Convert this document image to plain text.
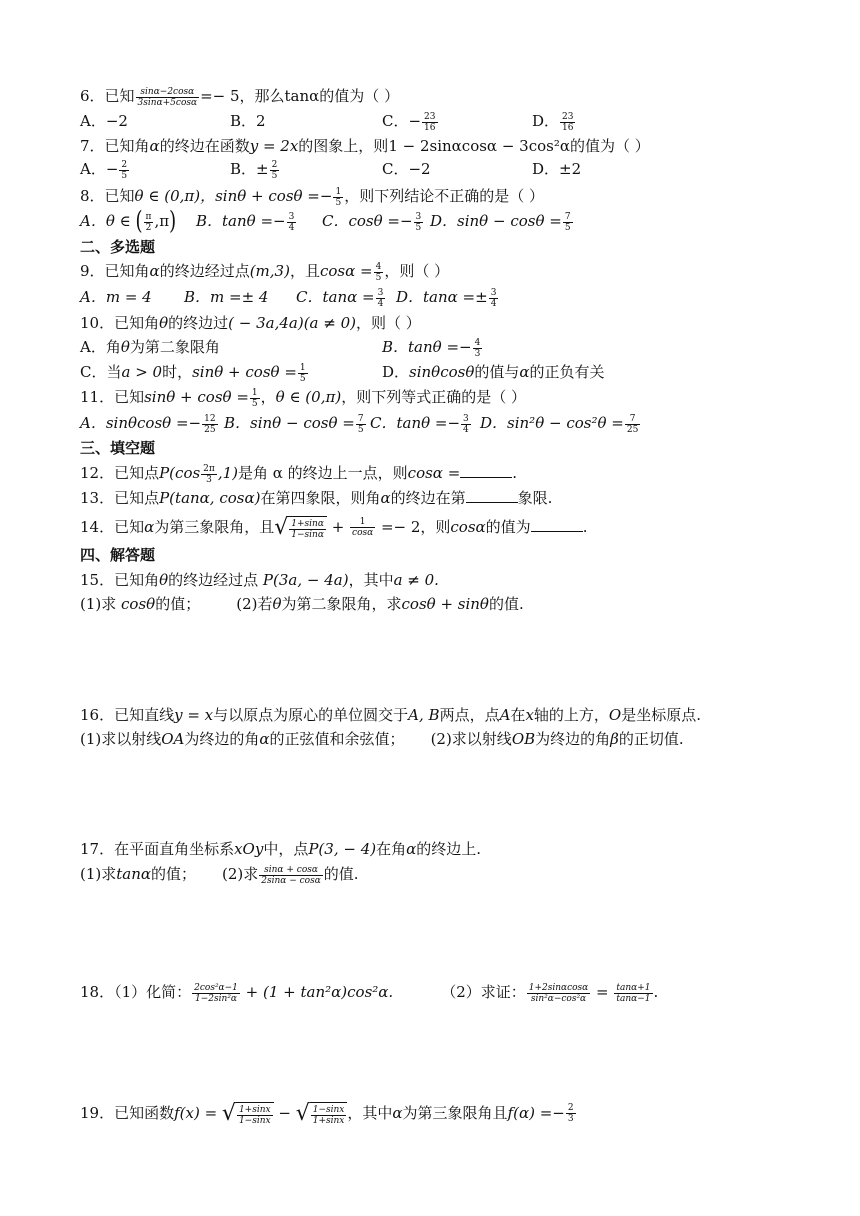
6．已知 $\frac{\sin\alpha-2\cos\alpha}{3\sin\alpha+5\cos\alpha} =- 5$，那么tanα的值为（ ）
A．−2	B．2	C．− $\frac{23}{16}$	D． $\frac{23}{16}$
7．已知角α的终边在函数y = 2x的图象上，则1 − 2sinαcosα − 3cos²α的值为（ ）
A．− $\frac{2}{5}$	B．± $\frac{2}{5}$	C．−2	D．±2
8．已知θ ∈ (0,π)，$\sin\theta + \cos\theta =- \frac{1}{5}$ ，则下列结论不正确的是（ ）
A．θ ∈ ( $\frac{\pi}{2} ,\pi$) B．$\tan\theta =- \frac{3}{4}$ C．$\cos\theta =- \frac{3}{5}$ D．$\sin\theta - \cos\theta = \frac{7}{5}$
二、多选题
9．已知角α的终边经过点(m,3)，且$\cos\alpha = \frac{4}{5}$ ，则（ ）
A．m = 4 B．m =± 4 C．$\tan\alpha = \frac{3}{4}$ D．$\tan\alpha =\pm \frac{3}{4}$
10．已知角θ的终边过( − 3a,4a)(a ≠ 0)，则（ ）
A．角θ为第二象限角	B．$\tan\theta =- \frac{4}{3}$
C．当a > 0时，$\sin\theta + \cos\theta = \frac{1}{5}$	D．sinθcosθ的值与α的正负有关
11．已知$\sin\theta + \cos\theta = \frac{1}{5}$ ，θ ∈ (0,π)，则下列等式正确的是（ ）
A．$\sin\theta\cos\theta =- \frac{12}{25}$ B．$\sin\theta - \cos\theta = \frac{7}{5}$ C．$\tan\theta =- \frac{3}{4}$ D．$\sin^2\theta - \cos^2\theta = \frac{7}{25}$
三、填空题
12．已知点$P(\cos \frac{2\pi}{3} ,1)$是角 α 的终边上一点，则cosα =	.
13．已知点P(tanα, cosα)在第四象限，则角α的终边在第	象限.
14．已知α为第三象限角，且 √ $\frac{1+\sin\alpha}{1-\sin\alpha} + \frac{1}{\cos\alpha} =- 2$，则cosα的值为	.
四、解答题
15．已知角θ的终边经过点 P(3a, − 4a)，其中a ≠ 0.
(1)求 cosθ的值； (2)若θ为第二象限角，求cosθ + sinθ的值.
16．已知直线y = x与以原点为原心的单位圆交于A, B两点，点A在x轴的上方，O是坐标原点.
(1)求以射线OA为终边的角α的正弦值和余弦值； (2)求以射线OB为终边的角β的正切值.
17．在平面直角坐标系xOy中，点P(3, − 4)在角α的终边上.
(1)求tanα的值； (2)求 $\frac{\sin\alpha + \cos\alpha}{2\sin\alpha - \cos\alpha}$ 的值.
18．（1）化简： $\frac{\text{2cos²α−1}}{\text{1−2sin²α}} + (1 + \tan^2\alpha)\cos^2\alpha$.	（2）求证： $\frac{1+2\sin\alpha\cos\alpha}{\text{sin²α−cos²α}} = \frac{\tan\alpha+1}{\tan\alpha-1}$ .
19．已知函数f(x) = √ $\frac{1+\sin x}{1-\sin x}$ − √ $\frac{1-\sin x}{1+\sin x}$ ，其中α为第三象限角且$f(\alpha) =- \frac{2}{3}$
